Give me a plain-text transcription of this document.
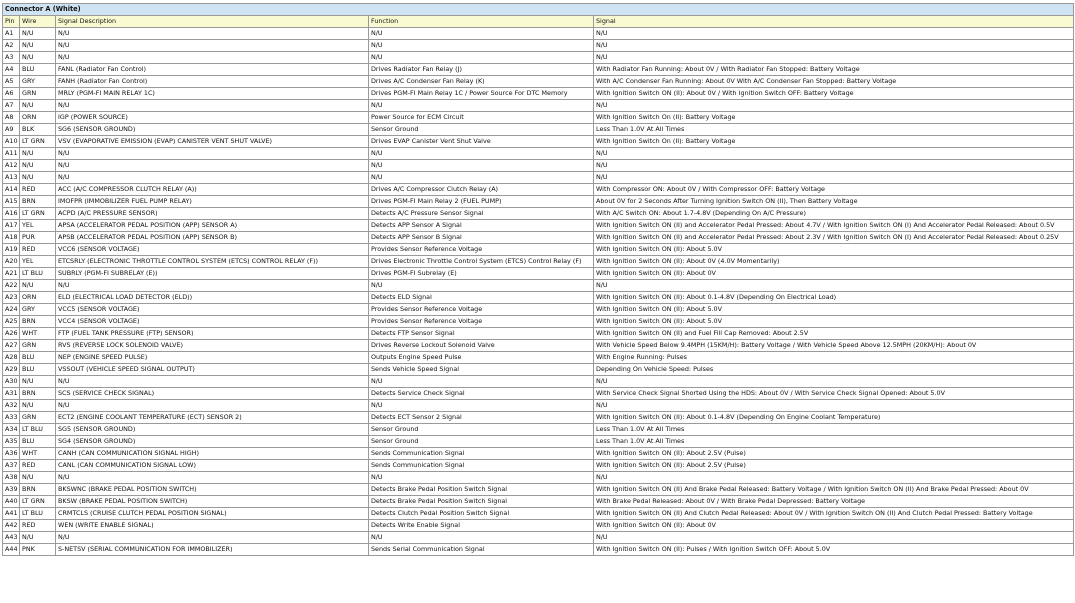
Connector A (White)				
Pin	Wire	Signal Description	Function	Signal
A1	N/U	N/U	N/U	N/U
A2	N/U	N/U	N/U	N/U
A3	N/U	N/U	N/U	N/U
A4	BLU	FANL (Radiator Fan Control)	Drives Radiator Fan Relay (J)	With Radiator Fan Running: About 0V / With Radiator Fan Stopped: Battery Voltage
A5	GRY	FANH (Radiator Fan Control)	Drives A/C Condenser Fan Relay (K)	With A/C Condenser Fan Running: About 0V With A/C Condenser Fan Stopped: Battery Voltage
A6	GRN	MRLY (PGM-FI MAIN RELAY 1C)	Drives PGM-FI Main Relay 1C / Power Source For DTC Memory	With Ignition Switch ON (II): About 0V / With Ignition Switch OFF: Battery Voltage
A7	N/U	N/U	N/U	N/U
A8	ORN	IGP (POWER SOURCE)	Power Source for ECM Circuit	With Ignition Switch On (II): Battery Voltage
A9	BLK	SG6 (SENSOR GROUND)	Sensor Ground	Less Than 1.0V At All Times
A10	LT GRN	VSV (EVAPORATIVE EMISSION (EVAP) CANISTER VENT SHUT VALVE)	Drives EVAP Canister Vent Shut Valve	With Ignition Switch On (II): Battery Voltage
A11	N/U	N/U	N/U	N/U
A12	N/U	N/U	N/U	N/U
A13	N/U	N/U	N/U	N/U
A14	RED	ACC (A/C COMPRESSOR CLUTCH RELAY (A))	Drives A/C Compressor Clutch Relay (A)	With Compressor ON: About 0V / With Compressor OFF: Battery Voltage
A15	BRN	IMOFPR (IMMOBILIZER FUEL PUMP RELAY)	Drives PGM-FI Main Relay 2 (FUEL PUMP)	About 0V for 2 Seconds After Turning Ignition Switch ON (II), Then Battery Voltage
A16	LT GRN	ACPD (A/C PRESSURE SENSOR)	Detects A/C Pressure Sensor Signal	With A/C Switch ON: About 1.7-4.8V (Depending On A/C Pressure)
A17	YEL	APSA (ACCELERATOR PEDAL POSITION (APP) SENSOR A)	Detects APP Sensor A Signal	With Ignition Switch ON (II) and Accelerator Pedal Pressed: About 4.7V / With Ignition Switch ON (I) And Accelerator Pedal Released: About 0.5V
A18	PUR	APSB (ACCELERATOR PEDAL POSITION (APP) SENSOR B)	Detects APP Sensor B Signal	With Ignition Switch ON (II) and Accelerator Pedal Pressed: About 2.3V / With Ignition Switch ON (I) And Accelerator Pedal Released: About 0.25V
A19	RED	VCC6 (SENSOR VOLTAGE)	Provides Sensor Reference Voltage	With Ignition Switch ON (II): About 5.0V
A20	YEL	ETCSRLY (ELECTRONIC THROTTLE CONTROL SYSTEM (ETCS) CONTROL RELAY (F))	Drives Electronic Throttle Control System (ETCS) Control Relay (F)	With Ignition Switch ON (II): About 0V (4.0V Momentarily)
A21	LT BLU	SUBRLY (PGM-FI SUBRELAY (E))	Drives PGM-FI Subrelay (E)	With Ignition Switch ON (II): About 0V
A22	N/U	N/U	N/U	N/U
A23	ORN	ELD (ELECTRICAL LOAD DETECTOR (ELD))	Detects ELD Signal	With Ignition Switch ON (II): About 0.1-4.8V (Depending On Electrical Load)
A24	GRY	VCC5 (SENSOR VOLTAGE)	Provides Sensor Reference Voltage	With Ignition Switch ON (II): About 5.0V
A25	BRN	VCC4 (SENSOR VOLTAGE)	Provides Sensor Reference Voltage	With Ignition Switch ON (II): About 5.0V
A26	WHT	FTP (FUEL TANK PRESSURE (FTP) SENSOR)	Detects FTP Sensor Signal	With Ignition Switch ON (II) and Fuel Fill Cap Removed: About 2.5V
A27	GRN	RVS (REVERSE LOCK SOLENOID VALVE)	Drives Reverse Lockout Solenoid Valve	With Vehicle Speed Below 9.4MPH (15KM/H): Battery Voltage / With Vehicle Speed Above 12.5MPH (20KM/H): About 0V
A28	BLU	NEP (ENGINE SPEED PULSE)	Outputs Engine Speed Pulse	With Engine Running: Pulses
A29	BLU	VSSOUT (VEHICLE SPEED SIGNAL OUTPUT)	Sends Vehicle Speed Signal	Depending On Vehicle Speed: Pulses
A30	N/U	N/U	N/U	N/U
A31	BRN	SCS (SERVICE CHECK SIGNAL)	Detects Service Check Signal	With Service Check Signal Shorted Using the HDS: About 0V / With Service Check Signal Opened: About 5.0V
A32	N/U	N/U	N/U	N/U
A33	GRN	ECT2 (ENGINE COOLANT TEMPERATURE (ECT) SENSOR 2)	Detects ECT Sensor 2 Signal	With Ignition Switch ON (II): About 0.1-4.8V (Depending On Engine Coolant Temperature)
A34	LT BLU	SG5 (SENSOR GROUND)	Sensor Ground	Less Than 1.0V At All Times
A35	BLU	SG4 (SENSOR GROUND)	Sensor Ground	Less Than 1.0V At All Times
A36	WHT	CANH (CAN COMMUNICATION SIGNAL HIGH)	Sends Communication Signal	With Ignition Switch ON (II): About 2.5V (Pulse)
A37	RED	CANL (CAN COMMUNICATION SIGNAL LOW)	Sends Communication Signal	With Ignition Switch ON (II): About 2.5V (Pulse)
A38	N/U	N/U	N/U	N/U
A39	BRN	BKSWNC (BRAKE PEDAL POSITION SWITCH)	Detects Brake Pedal Position Switch Signal	With Ignition Switch ON (II) And Brake Pedal Released: Battery Voltage / With Ignition Switch ON (II) And Brake Pedal Pressed: About 0V
A40	LT GRN	BKSW (BRAKE PEDAL POSITION SWITCH)	Detects Brake Pedal Position Switch Signal	With Brake Pedal Released: About 0V / With Brake Pedal Depressed: Battery Voltage
A41	LT BLU	CRMTCLS (CRUISE CLUTCH PEDAL POSITION SIGNAL)	Detects Clutch Pedal Position Switch Signal	With Ignition Switch ON (II) And Clutch Pedal Released: About 0V / With Ignition Switch ON (II) And Clutch Pedal Pressed: Battery Voltage
A42	RED	WEN (WRITE ENABLE SIGNAL)	Detects Write Enable Signal	With Ignition Switch ON (II): About 0V
A43	N/U	N/U	N/U	N/U
A44	PNK	S-NETSV (SERIAL COMMUNICATION FOR IMMOBILIZER)	Sends Serial Communication Signal	With Ignition Switch ON (II): Pulses / With Ignition Switch OFF: About 5.0V
